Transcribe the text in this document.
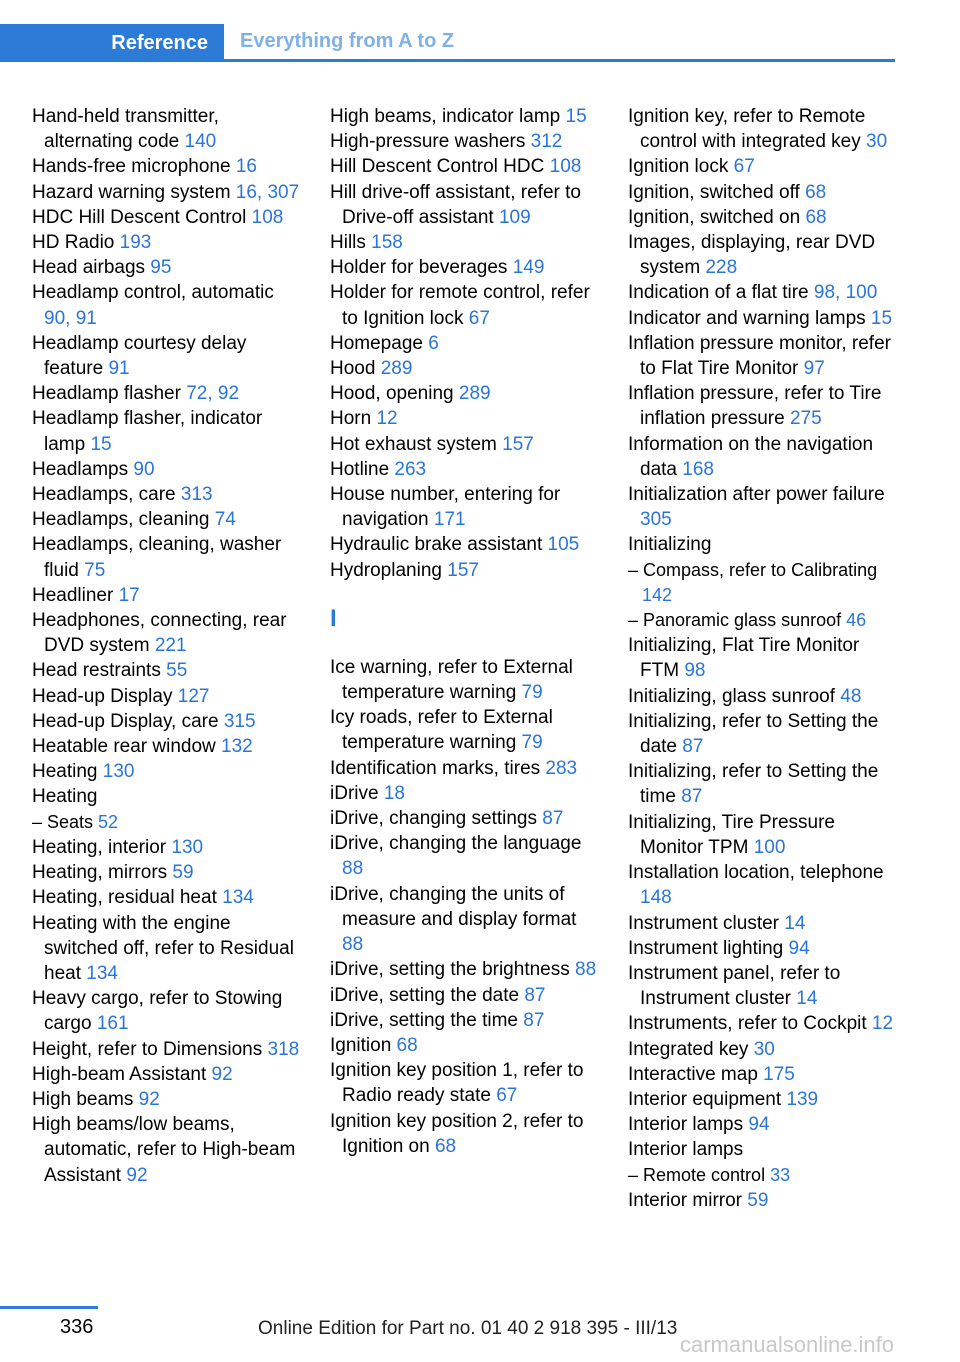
Reference	Everything from A to Z
Hand-held transmitter, alternating code 140
Hands-free microphone 16
Hazard warning system 16, 307
HDC Hill Descent Control 108
HD Radio 193
Head airbags 95
Headlamp control, automatic 90, 91
Headlamp courtesy delay feature 91
Headlamp flasher 72, 92
Headlamp flasher, indicator lamp 15
Headlamps 90
Headlamps, care 313
Headlamps, cleaning 74
Headlamps, cleaning, washer fluid 75
Headliner 17
Headphones, connecting, rear DVD system 221
Head restraints 55
Head-up Display 127
Head-up Display, care 315
Heatable rear window 132
Heating 130
Heating
– Seats 52
Heating, interior 130
Heating, mirrors 59
Heating, residual heat 134
Heating with the engine switched off, refer to Residual heat 134
Heavy cargo, refer to Stowing cargo 161
Height, refer to Dimensions 318
High-beam Assistant 92
High beams 92
High beams/low beams, automatic, refer to High-beam Assistant 92
High beams, indicator lamp 15
High-pressure washers 312
Hill Descent Control HDC 108
Hill drive-off assistant, refer to Drive-off assistant 109
Hills 158
Holder for beverages 149
Holder for remote control, refer to Ignition lock 67
Homepage 6
Hood 289
Hood, opening 289
Horn 12
Hot exhaust system 157
Hotline 263
House number, entering for navigation 171
Hydraulic brake assistant 105
Hydroplaning 157
I
Ice warning, refer to External temperature warning 79
Icy roads, refer to External temperature warning 79
Identification marks, tires 283
iDrive 18
iDrive, changing settings 87
iDrive, changing the language 88
iDrive, changing the units of measure and display format 88
iDrive, setting the brightness 88
iDrive, setting the date 87
iDrive, setting the time 87
Ignition 68
Ignition key position 1, refer to Radio ready state 67
Ignition key position 2, refer to Ignition on 68
Ignition key, refer to Remote control with integrated key 30
Ignition lock 67
Ignition, switched off 68
Ignition, switched on 68
Images, displaying, rear DVD system 228
Indication of a flat tire 98, 100
Indicator and warning lamps 15
Inflation pressure monitor, refer to Flat Tire Monitor 97
Inflation pressure, refer to Tire inflation pressure 275
Information on the navigation data 168
Initialization after power failure 305
Initializing
– Compass, refer to Calibrating 142
– Panoramic glass sunroof 46
Initializing, Flat Tire Monitor FTM 98
Initializing, glass sunroof 48
Initializing, refer to Setting the date 87
Initializing, refer to Setting the time 87
Initializing, Tire Pressure Monitor TPM 100
Installation location, telephone 148
Instrument cluster 14
Instrument lighting 94
Instrument panel, refer to Instrument cluster 14
Instruments, refer to Cockpit 12
Integrated key 30
Interactive map 175
Interior equipment 139
Interior lamps 94
Interior lamps
– Remote control 33
Interior mirror 59
336	Online Edition for Part no. 01 40 2 918 395 - III/13
carmanualsonline.info
